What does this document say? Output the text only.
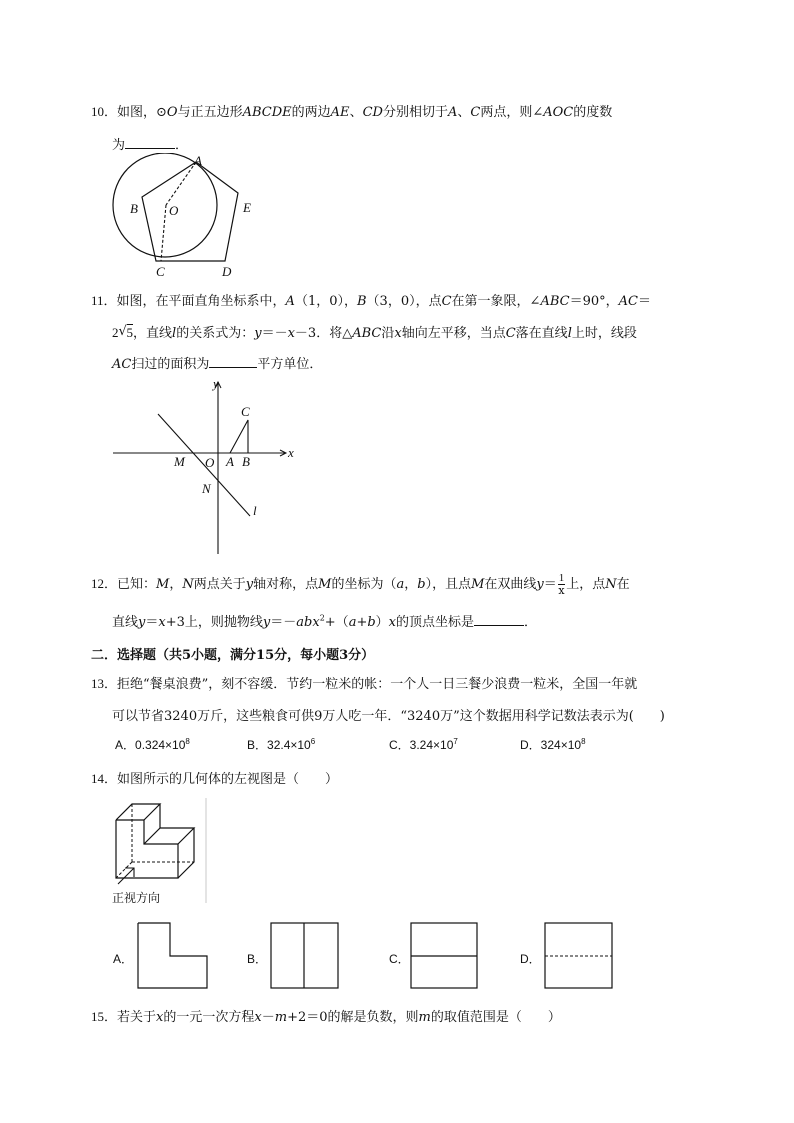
10．如图，⊙O与正五边形ABCDE的两边AE、CD分别相切于A、C两点，则∠AOC的度数
为	．
A
B O	E
C	D
11．如图，在平面直角坐标系中，A（1，0），B（3，0），点C在第一象限，∠ABC＝90°，AC＝
2 √ 5，直线l的关系式为：y＝－x－3．将△ABC沿x轴向左平移，当点C落在直线l上时，线段
AC扫过的面积为	平方单位．
y
x
C
M O A B
N
l
12．已知：M，N两点关于y轴对称，点M的坐标为（a，b），且点M在双曲线$y= \frac{1}{x}$ 上，点N在
直线y＝x+3上，则抛物线y＝－abx$^2$+（a+b）x的顶点坐标是	．
二．选择题（共5小题，满分15分，每小题3分）
13．拒绝“餐桌浪费”，刻不容缓．节约一粒米的帐：一个人一日三餐少浪费一粒米，全国一年就
可以节省3240万斤，这些粮食可供9万人吃一年．“3240万”这个数据用科学记数法表示为(　　)
A．$0.324\times 10^8$	B．$32.4\times 10^6$	C．$3.24\times 10^7$	D．$324\times 10^8$
14．如图所示的几何体的左视图是（　　）
正视方向
A．	B．	C．	D．
15．若关于x的一元一次方程x－m+2＝0的解是负数，则m的取值范围是（　　）
